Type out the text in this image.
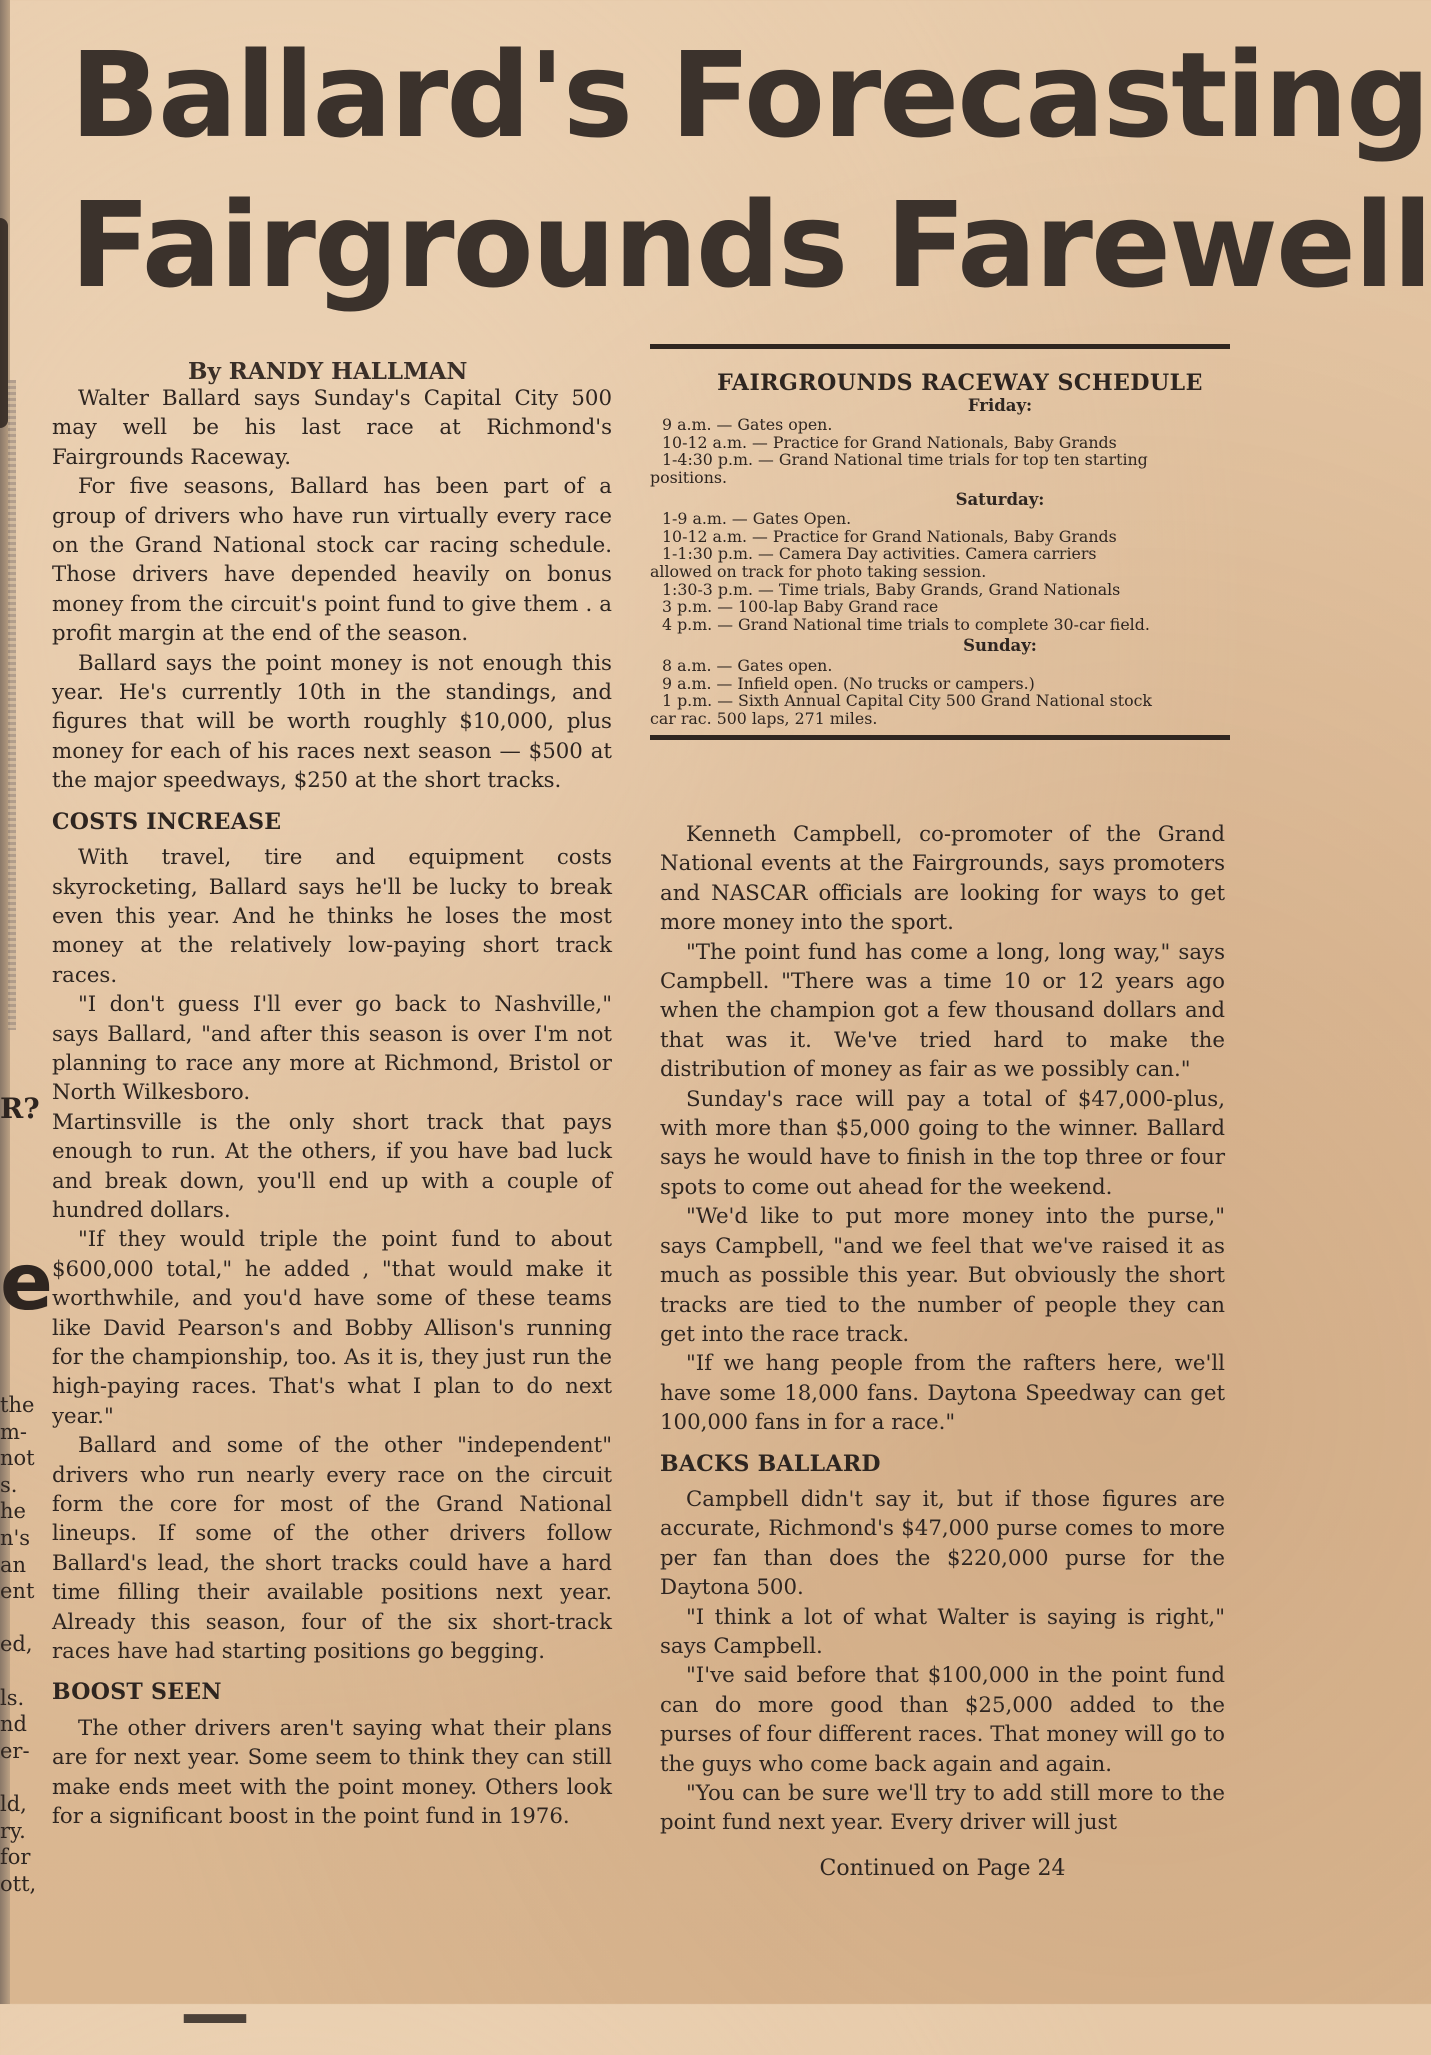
Ballard's Forecasting
Fairgrounds Farewell
By RANDY HALLMAN

Walter Ballard says Sunday's Capital City 500 may well be his last race at Richmond's Fairgrounds Raceway.

For five seasons, Ballard has been part of a group of drivers who have run virtually every race on the Grand National stock car racing schedule. Those drivers have depended heavily on bonus money from the circuit's point fund to give them . a profit margin at the end of the season.

Ballard says the point money is not enough this year. He's currently 10th in the standings, and figures that will be worth roughly $10,000, plus money for each of his races next season — $500 at the major speedways, $250 at the short tracks.

COSTS INCREASE

With travel, tire and equipment costs skyrocketing, Ballard says he'll be lucky to break even this year. And he thinks he loses the most money at the relatively low-paying short track races.

"I don't guess I'll ever go back to Nashville," says Ballard, "and after this season is over I'm not planning to race any more at Richmond, Bristol or North Wilkesboro.

Martinsville is the only short track that pays enough to run. At the others, if you have bad luck and break down, you'll end up with a couple of hundred dollars.

"If they would triple the point fund to about $600,000 total," he added , "that would make it worthwhile, and you'd have some of these teams like David Pearson's and Bobby Allison's running for the championship, too. As it is, they just run the high-paying races. That's what I plan to do next year."

Ballard and some of the other "independent" drivers who run nearly every race on the circuit form the core for most of the Grand National lineups. If some of the other drivers follow Ballard's lead, the short tracks could have a hard time filling their available positions next year. Already this season, four of the six short-track races have had starting positions go begging.

BOOST SEEN

The other drivers aren't saying what their plans are for next year. Some seem to think they can still make ends meet with the point money. Others look for a significant boost in the point fund in 1976.

FAIRGROUNDS RACEWAY SCHEDULE
Friday:

9 a.m. — Gates open.

10-12 a.m. — Practice for Grand Nationals, Baby Grands

1-4:30 p.m. — Grand National time trials for top ten starting

positions.

Saturday:

1-9 a.m. — Gates Open.

10-12 a.m. — Practice for Grand Nationals, Baby Grands

1-1:30 p.m. — Camera Day activities. Camera carriers

allowed on track for photo taking session.

1:30-3 p.m. — Time trials, Baby Grands, Grand Nationals

3 p.m. — 100-lap Baby Grand race

4 p.m. — Grand National time trials to complete 30-car field.

Sunday:

8 a.m. — Gates open.

9 a.m. — Infield open. (No trucks or campers.)

1 p.m. — Sixth Annual Capital City 500 Grand National stock

car rac. 500 laps, 271 miles.

Kenneth Campbell, co-promoter of the Grand National events at the Fairgrounds, says promoters and NASCAR officials are looking for ways to get more money into the sport.

"The point fund has come a long, long way," says Campbell. "There was a time 10 or 12 years ago when the champion got a few thousand dollars and that was it. We've tried hard to make the distribution of money as fair as we possibly can."

Sunday's race will pay a total of $47,000-plus, with more than $5,000 going to the winner. Ballard says he would have to finish in the top three or four spots to come out ahead for the weekend.

"We'd like to put more money into the purse," says Campbell, "and we feel that we've raised it as much as possible this year. But obviously the short tracks are tied to the number of people they can get into the race track.

"If we hang people from the rafters here, we'll have some 18,000 fans. Daytona Speedway can get 100,000 fans in for a race."

BACKS BALLARD

Campbell didn't say it, but if those figures are accurate, Richmond's $47,000 purse comes to more per fan than does the $220,000 purse for the Daytona 500.

"I think a lot of what Walter is saying is right," says Campbell.

"I've said before that $100,000 in the point fund can do more good than $25,000 added to the purses of four different races. That money will go to the guys who come back again and again.

"You can be sure we'll try to add still more to the point fund next year. Every driver will just

Continued on Page 24
R?
e
the
m-
not
s.
he
n's
an
ent

ed,

ls.
nd
er-

ld,
ry.
for
ott,
—
